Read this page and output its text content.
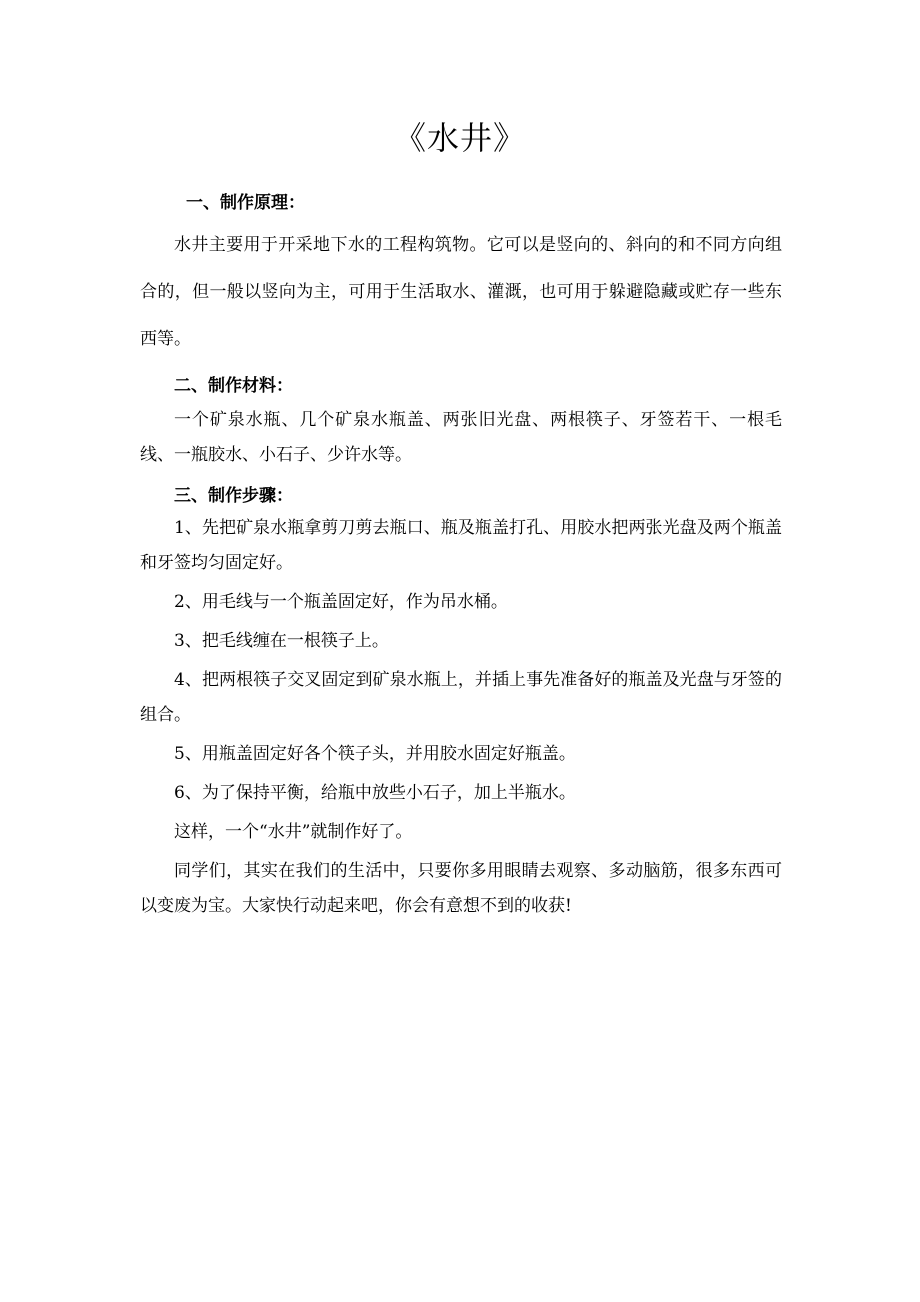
《水井》

一、制作原理：

水井主要用于开采地下水的工程构筑物。它可以是竖向的、斜向的和不同方向组合的，但一般以竖向为主，可用于生活取水、灌溉，也可用于躲避隐藏或贮存一些东西等。

二、制作材料：

一个矿泉水瓶、几个矿泉水瓶盖、两张旧光盘、两根筷子、牙签若干、一根毛线、一瓶胶水、小石子、少许水等。

三、制作步骤：

1、先把矿泉水瓶拿剪刀剪去瓶口、瓶及瓶盖打孔、用胶水把两张光盘及两个瓶盖和牙签均匀固定好。

2、用毛线与一个瓶盖固定好，作为吊水桶。

3、把毛线缠在一根筷子上。

4、把两根筷子交叉固定到矿泉水瓶上，并插上事先准备好的瓶盖及光盘与牙签的组合。

5、用瓶盖固定好各个筷子头，并用胶水固定好瓶盖。

6、为了保持平衡，给瓶中放些小石子，加上半瓶水。

这样，一个“水井”就制作好了。

同学们，其实在我们的生活中，只要你多用眼睛去观察、多动脑筋，很多东西可以变废为宝。大家快行动起来吧，你会有意想不到的收获!
